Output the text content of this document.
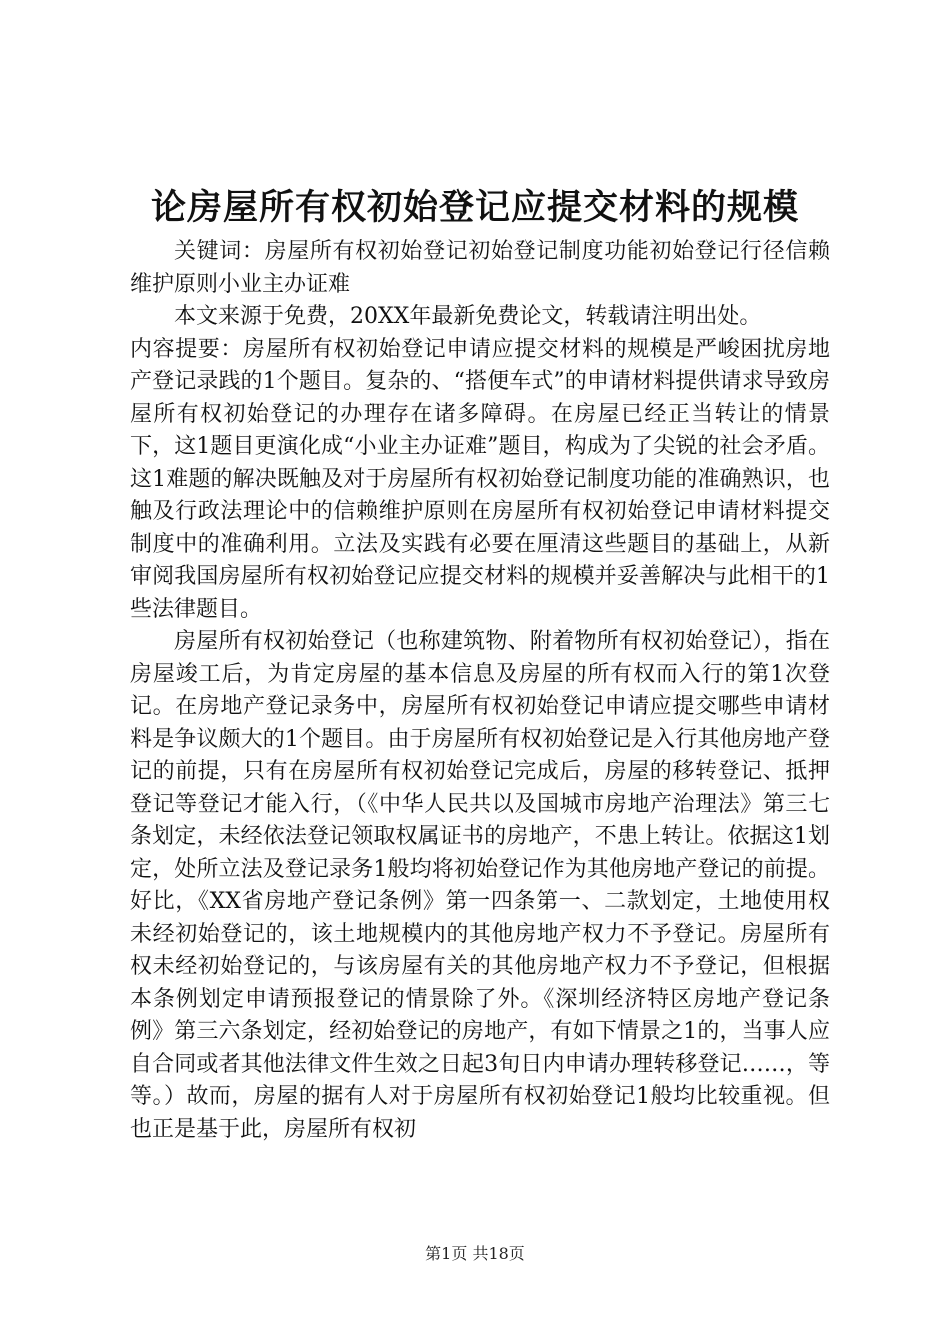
论房屋所有权初始登记应提交材料的规模

关键词：房屋所有权初始登记初始登记制度功能初始登记行径信赖维护原则小业主办证难

本文来源于免费，20XX年最新免费论文，转载请注明出处。

内容提要：房屋所有权初始登记申请应提交材料的规模是严峻困扰房地产登记录践的1个题目。复杂的、“搭便车式”的申请材料提供请求导致房屋所有权初始登记的办理存在诸多障碍。在房屋已经正当转让的情景下，这1题目更演化成“小业主办证难”题目，构成为了尖锐的社会矛盾。这1难题的解决既触及对于房屋所有权初始登记制度功能的准确熟识，也触及行政法理论中的信赖维护原则在房屋所有权初始登记申请材料提交制度中的准确利用。立法及实践有必要在厘清这些题目的基础上，从新审阅我国房屋所有权初始登记应提交材料的规模并妥善解决与此相干的1些法律题目。

房屋所有权初始登记（也称建筑物、附着物所有权初始登记），指在房屋竣工后，为肯定房屋的基本信息及房屋的所有权而入行的第1次登记。在房地产登记录务中，房屋所有权初始登记申请应提交哪些申请材料是争议颇大的1个题目。由于房屋所有权初始登记是入行其他房地产登记的前提，只有在房屋所有权初始登记完成后，房屋的移转登记、抵押登记等登记才能入行，（《中华人民共以及国城市房地产治理法》第三七条划定，未经依法登记领取权属证书的房地产，不患上转让。依据这1划定，处所立法及登记录务1般均将初始登记作为其他房地产登记的前提。好比，《XX省房地产登记条例》第一四条第一、二款划定，土地使用权未经初始登记的，该土地规模内的其他房地产权力不予登记。房屋所有权未经初始登记的，与该房屋有关的其他房地产权力不予登记，但根据本条例划定申请预报登记的情景除了外。《深圳经济特区房地产登记条例》第三六条划定，经初始登记的房地产，有如下情景之1的，当事人应自合同或者其他法律文件生效之日起3旬日内申请办理转移登记……，等等。）故而，房屋的据有人对于房屋所有权初始登记1般均比较重视。但也正是基于此，房屋所有权初

第1页 共18页
